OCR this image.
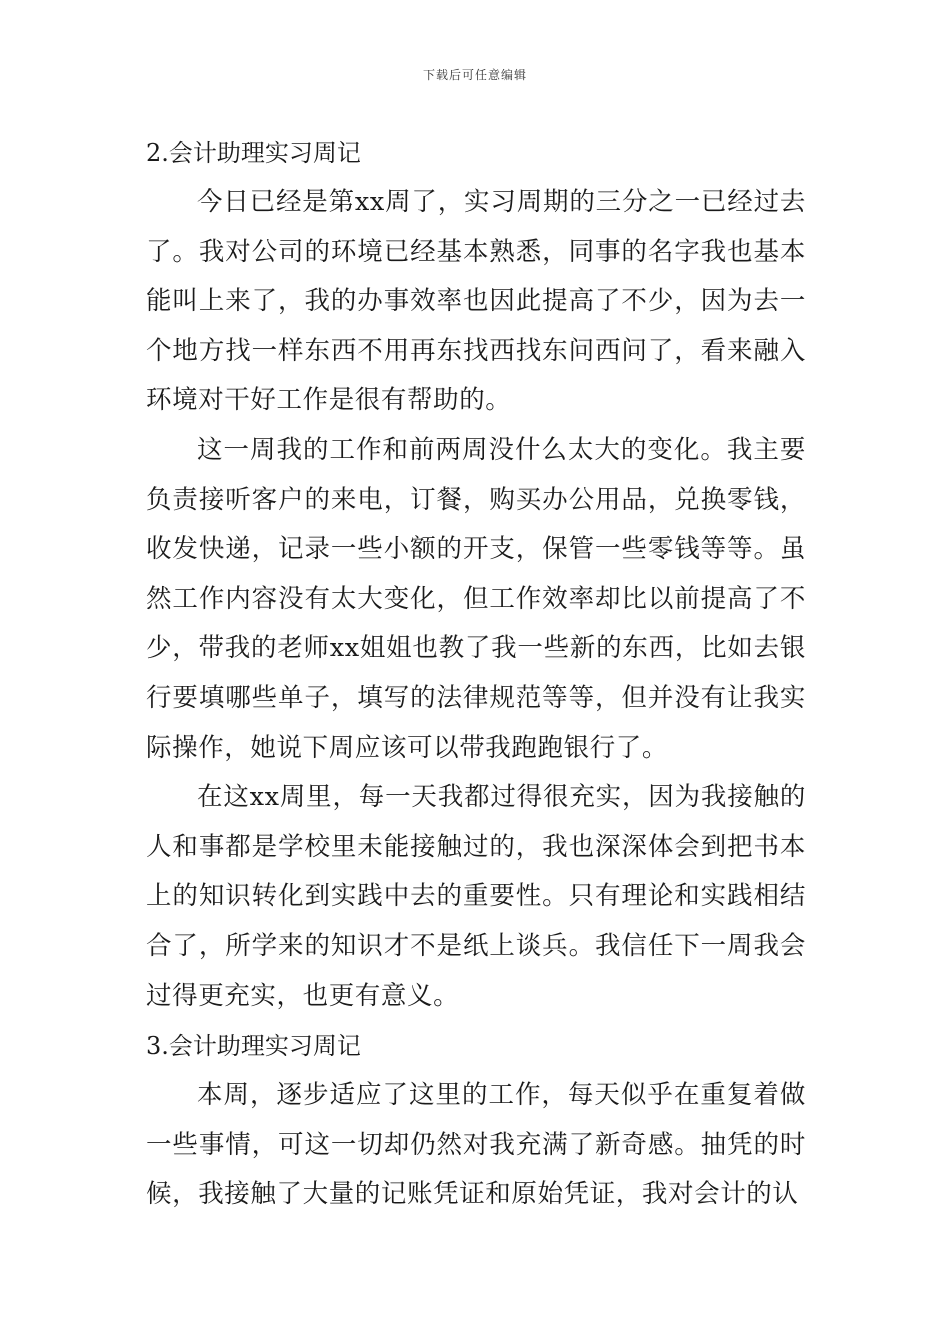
下载后可任意编辑
2.会计助理实习周记

今日已经是第xx周了，实习周期的三分之一已经过去了。我对公司的环境已经基本熟悉，同事的名字我也基本能叫上来了，我的办事效率也因此提高了不少，因为去一个地方找一样东西不用再东找西找东问西问了，看来融入环境对干好工作是很有帮助的。

这一周我的工作和前两周没什么太大的变化。我主要负责接听客户的来电，订餐，购买办公用品，兑换零钱，收发快递，记录一些小额的开支，保管一些零钱等等。虽然工作内容没有太大变化，但工作效率却比以前提高了不少，带我的老师xx姐姐也教了我一些新的东西，比如去银行要填哪些单子，填写的法律规范等等，但并没有让我实际操作，她说下周应该可以带我跑跑银行了。

在这xx周里，每一天我都过得很充实，因为我接触的人和事都是学校里未能接触过的，我也深深体会到把书本上的知识转化到实践中去的重要性。只有理论和实践相结合了，所学来的知识才不是纸上谈兵。我信任下一周我会过得更充实，也更有意义。

3.会计助理实习周记

本周，逐步适应了这里的工作，每天似乎在重复着做一些事情，可这一切却仍然对我充满了新奇感。抽凭的时候，我接触了大量的记账凭证和原始凭证，我对会计的认
